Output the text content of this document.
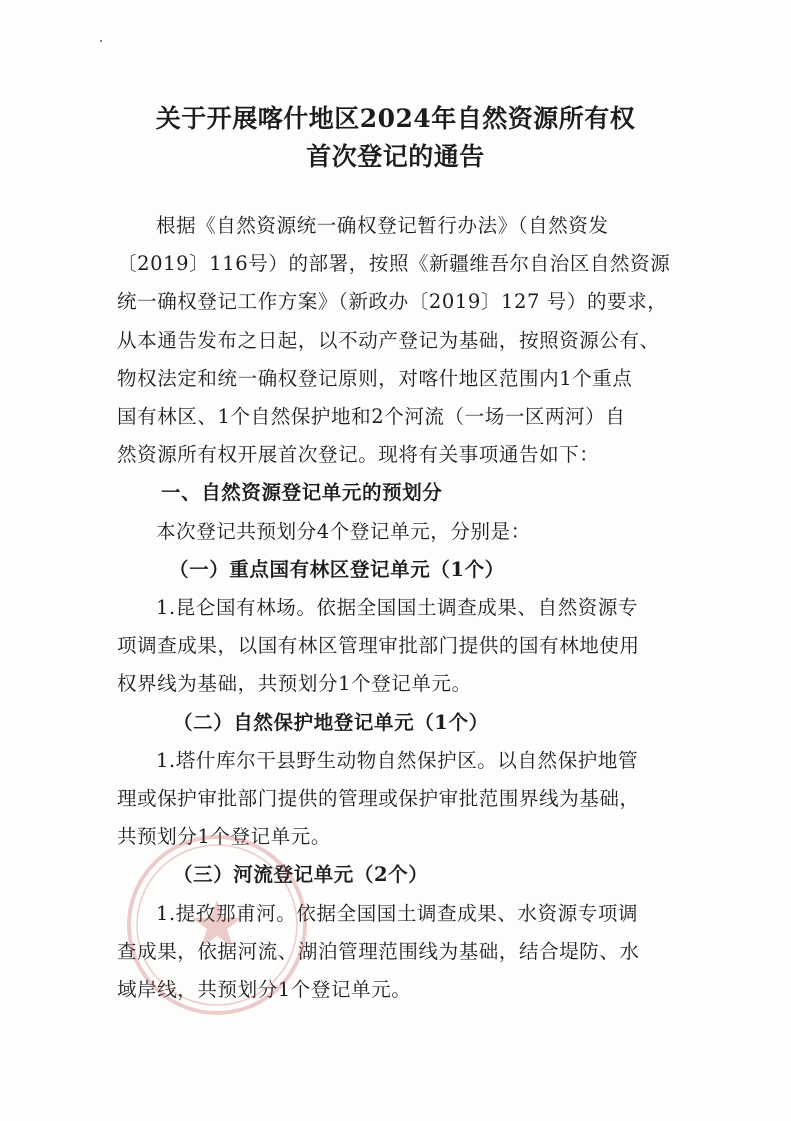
关于开展喀什地区2024年自然资源所有权
首次登记的通告

根据《自然资源统一确权登记暂行办法》（自然资发
〔2019〕116号）的部署，按照《新疆维吾尔自治区自然资源
统一确权登记工作方案》（新政办〔2019〕127 号）的要求，
从本通告发布之日起，以不动产登记为基础，按照资源公有、
物权法定和统一确权登记原则，对喀什地区范围内1个重点
国有林区、1个自然保护地和2个河流（一场一区两河）自
然资源所有权开展首次登记。现将有关事项通告如下：

一、自然资源登记单元的预划分

本次登记共预划分4个登记单元，分别是：

（一）重点国有林区登记单元（1个）

1.昆仑国有林场。依据全国国土调查成果、自然资源专
项调查成果，以国有林区管理审批部门提供的国有林地使用
权界线为基础，共预划分1个登记单元。

（二）自然保护地登记单元（1个）

1.塔什库尔干县野生动物自然保护区。以自然保护地管
理或保护审批部门提供的管理或保护审批范围界线为基础，
共预划分1个登记单元。

（三）河流登记单元（2个）

1.提孜那甫河。依据全国国土调查成果、水资源专项调
查成果，依据河流、湖泊管理范围线为基础，结合堤防、水
域岸线，共预划分1个登记单元。
